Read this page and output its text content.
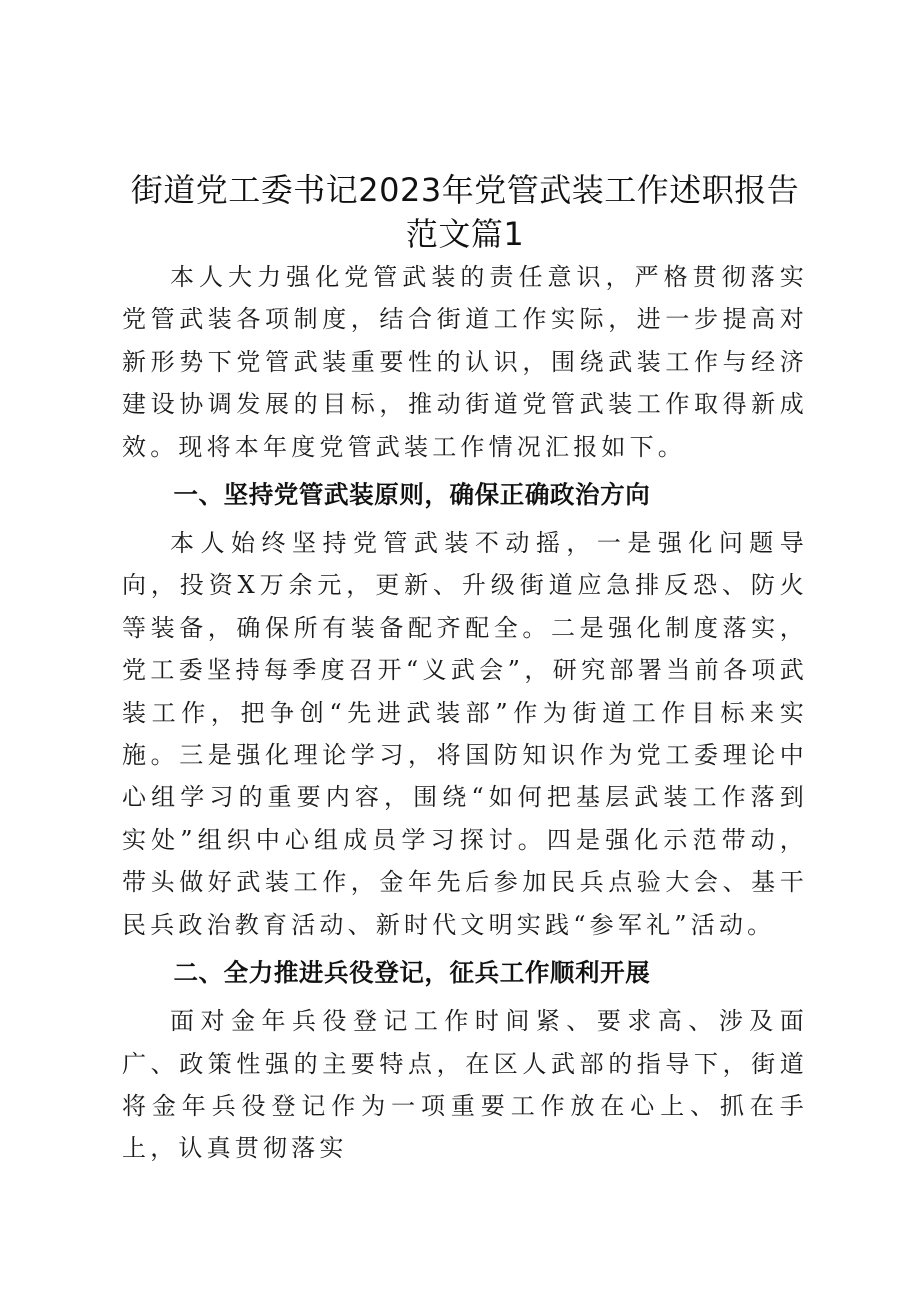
街道党工委书记2023年党管武装工作述职报告范文篇1

本人大力强化党管武装的责任意识，严格贯彻落实党管武装各项制度，结合街道工作实际，进一步提高对新形势下党管武装重要性的认识，围绕武装工作与经济建设协调发展的目标，推动街道党管武装工作取得新成效。现将本年度党管武装工作情况汇报如下。

一、坚持党管武装原则，确保正确政治方向

本人始终坚持党管武装不动摇，一是强化问题导向，投资X万余元，更新、升级街道应急排反恐、防火等装备，确保所有装备配齐配全。二是强化制度落实，党工委坚持每季度召开“义武会”，研究部署当前各项武装工作，把争创“先进武装部”作为街道工作目标来实施。三是强化理论学习，将国防知识作为党工委理论中心组学习的重要内容，围绕“如何把基层武装工作落到实处”组织中心组成员学习探讨。四是强化示范带动，带头做好武装工作，金年先后参加民兵点验大会、基干民兵政治教育活动、新时代文明实践“参军礼”活动。

二、全力推进兵役登记，征兵工作顺利开展

面对金年兵役登记工作时间紧、要求高、涉及面广、政策性强的主要特点，在区人武部的指导下，街道将金年兵役登记作为一项重要工作放在心上、抓在手上，认真贯彻落实
